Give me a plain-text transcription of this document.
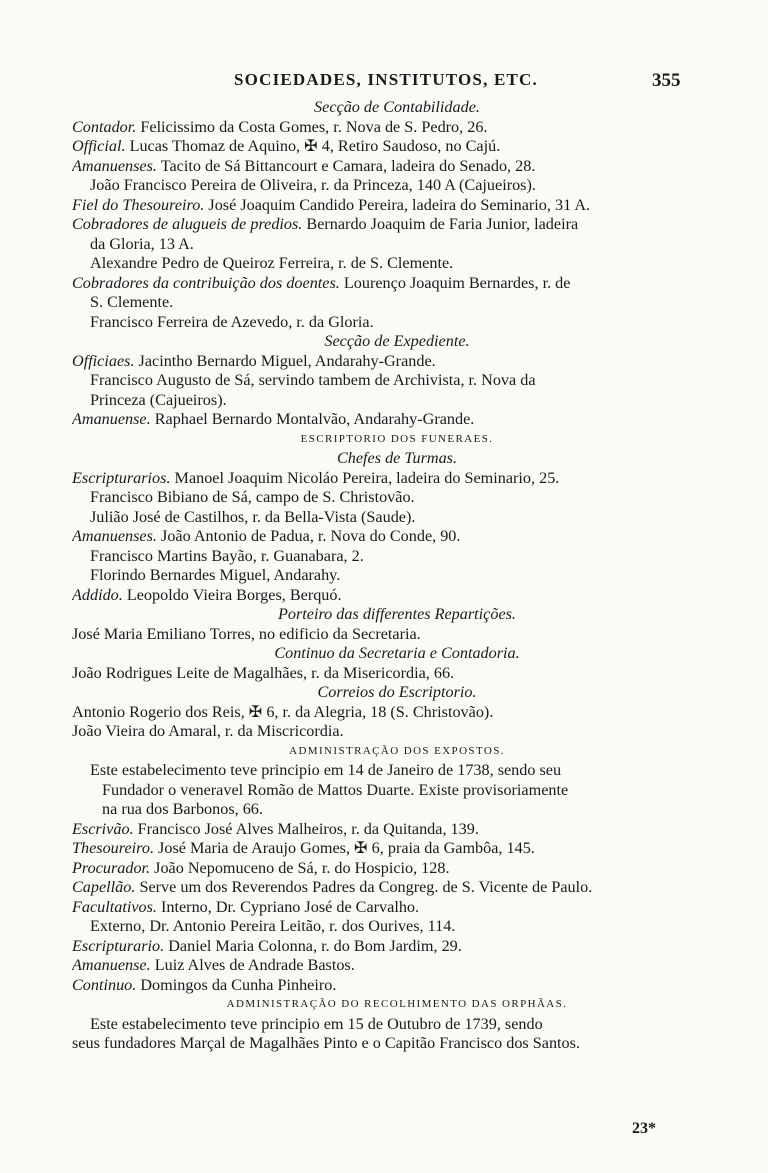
SOCIEDADES, INSTITUTOS, ETC.	355
Secção de Contabilidade.
Contador. Felicissimo da Costa Gomes, r. Nova de S. Pedro, 26.
Official. Lucas Thomaz de Aquino, ✠ 4, Retiro Saudoso, no Cajú.
Amanuenses. Tacito de Sá Bittancourt e Camara, ladeira do Senado, 28.
João Francisco Pereira de Oliveira, r. da Princeza, 140 A (Cajueiros).
Fiel do Thesoureiro. José Joaquim Candido Pereira, ladeira do Seminario, 31 A.
Cobradores de alugueis de predios. Bernardo Joaquim de Faria Junior, ladeira
da Gloria, 13 A.
Alexandre Pedro de Queiroz Ferreira, r. de S. Clemente.
Cobradores da contribuição dos doentes. Lourenço Joaquim Bernardes, r. de
S. Clemente.
Francisco Ferreira de Azevedo, r. da Gloria.
Secção de Expediente.
Officiaes. Jacintho Bernardo Miguel, Andarahy-Grande.
Francisco Augusto de Sá, servindo tambem de Archivista, r. Nova da
Princeza (Cajueiros).
Amanuense. Raphael Bernardo Montalvão, Andarahy-Grande.
ESCRIPTORIO DOS FUNERAES.
Chefes de Turmas.
Escripturarios. Manoel Joaquim Nicoláo Pereira, ladeira do Seminario, 25.
Francisco Bibiano de Sá, campo de S. Christovão.
Julião José de Castilhos, r. da Bella-Vista (Saude).
Amanuenses. João Antonio de Padua, r. Nova do Conde, 90.
Francisco Martins Bayão, r. Guanabara, 2.
Florindo Bernardes Miguel, Andarahy.
Addido. Leopoldo Vieira Borges, Berquó.
Porteiro das differentes Repartições.
José Maria Emiliano Torres, no edificio da Secretaria.
Continuo da Secretaria e Contadoria.
João Rodrigues Leite de Magalhães, r. da Misericordia, 66.
Correios do Escriptorio.
Antonio Rogerio dos Reis, ✠ 6, r. da Alegria, 18 (S. Christovão).
João Vieira do Amaral, r. da Miscricordia.
ADMINISTRAÇÃO DOS EXPOSTOS.
Este estabelecimento teve principio em 14 de Janeiro de 1738, sendo seu
Fundador o veneravel Romão de Mattos Duarte. Existe provisoriamente
na rua dos Barbonos, 66.
Escrivão. Francisco José Alves Malheiros, r. da Quitanda, 139.
Thesoureiro. José Maria de Araujo Gomes, ✠ 6, praia da Gambôa, 145.
Procurador. João Nepomuceno de Sá, r. do Hospicio, 128.
Capellão. Serve um dos Reverendos Padres da Congreg. de S. Vicente de Paulo.
Facultativos. Interno, Dr. Cypriano José de Carvalho.
Externo, Dr. Antonio Pereira Leitão, r. dos Ourives, 114.
Escripturario. Daniel Maria Colonna, r. do Bom Jardim, 29.
Amanuense. Luiz Alves de Andrade Bastos.
Continuo. Domingos da Cunha Pinheiro.
ADMINISTRAÇÃO DO RECOLHIMENTO DAS ORPHÃAS.
Este estabelecimento teve principio em 15 de Outubro de 1739, sendo
seus fundadores Marçal de Magalhães Pinto e o Capitão Francisco dos Santos.
23*
